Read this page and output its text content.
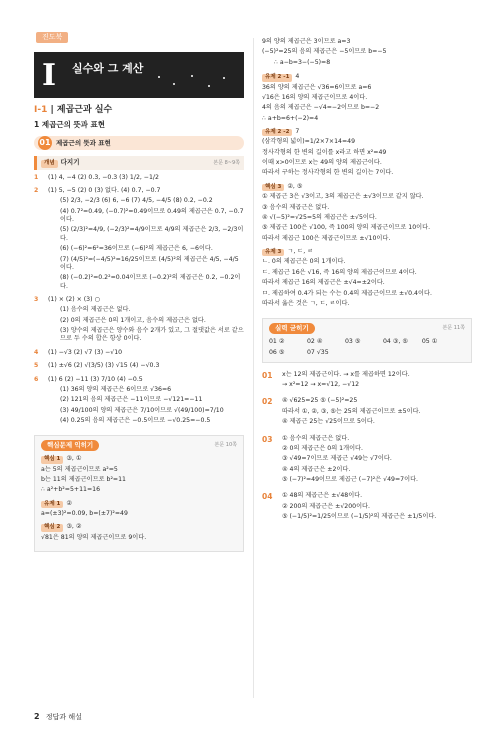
진도북
I 실수와 그 계산
I-1 | 제곱근과 실수
1 제곱근의 뜻과 표현
01 제곱근의 뜻과 표현
개념 다지기	본문 8~9쪽
1	(1) 4, −4 (2) 0.3, −0.3 (3) 1/2, −1/2
2	(1) 5, −5 (2) 0 (3) 없다. (4) 0.7, −0.7
(5) 2/3, −2/3 (6) 6, −6 (7) 4/5, −4/5 (8) 0.2, −0.2
(4) 0.7²=0.49, (−0.7)²=0.49이므로 0.49의 제곱근은 0.7, −0.7이다.
(5) (2/3)²=4/9, (−2/3)²=4/9이므로 4/9의 제곱근은 2/3, −2/3이다.
(6) (−6)²=6²=36이므로 (−6)²의 제곱근은 6, −6이다.
(7) (4/5)²=(−4/5)²=16/25이므로 (4/5)²의 제곱근은 4/5, −4/5이다.
(8) (−0.2)²=0.2²=0.04이므로 (−0.2)²의 제곱근은 0.2, −0.2이다.
3	(1) × (2) × (3) ○
(1) 음수의 제곱근은 없다.
(2) 0의 제곱근은 0의 1개이고, 음수의 제곱근은 없다.
(3) 양수의 제곱근은 양수와 음수 2개가 있고, 그 절댓값은 서로 같으므로 두 수의 합은 항상 0이다.
4	(1) −√3 (2) √7 (3) −√10
5	(1) ±√6 (2) √(3/5) (3) √15 (4) −√0.3
6	(1) 6 (2) −11 (3) 7/10 (4) −0.5
(1) 36의 양의 제곱근은 6이므로 √36=6
(2) 121의 음의 제곱근은 −11이므로 −√121=−11
(3) 49/100의 양의 제곱근은 7/10이므로 √(49/100)=7/10
(4) 0.25의 음의 제곱근은 −0.5이므로 −√0.25=−0.5
핵심문제 익히기	본문 10쪽
핵심 1 ③, ①
a는 5의 제곱근이므로 a²=5
b는 11의 제곱근이므로 b²=11
∴ a²+b²=5+11=16
유제 1 ②
a=(±3)²=0.09, b=(±7)²=49
핵심 2 ③, ②
√81은 81의 양의 제곱근이므로 9이다.
9의 양의 제곱근은 3이므로 a=3
(−5)²=25의 음의 제곱근은 −5이므로 b=−5
∴ a−b=3−(−5)=8
유제 2 -1 4
36의 양의 제곱근은 √36=6이므로 a=6
√16은 16의 양의 제곱근이므로 4이다.
4의 음의 제곱근은 −√4=−2이므로 b=−2
∴ a+b=6+(−2)=4
유제 2 -2 7
(삼각형의 넓이)=1/2×7×14=49
정사각형의 한 변의 길이를 x라고 하면 x²=49
이때 x>0이므로 x는 49의 양의 제곱근이다.
따라서 구하는 정사각형의 한 변의 길이는 7이다.
핵심 3 ②, ⑤
① 제곱근 3은 √3이고, 3의 제곱근은 ±√3이므로 같지 않다.
③ 음수의 제곱근은 없다.
④ √(−5)²=√25=5의 제곱근은 ±√5이다.
⑤ 제곱근 100은 √100, 즉 100의 양의 제곱근이므로 10이다.
따라서 제곱근 100은 제곱근이므로 ±√10이다.
유제 3 ㄱ, ㄷ, ㄹ
ㄴ. 0의 제곱근은 0의 1개이다.
ㄷ. 제곱근 16은 √16, 즉 16의 양의 제곱근이므로 4이다.
따라서 제곱근 16의 제곱근은 ±√4=±2이다.
ㅁ. 제곱하여 0.4가 되는 수는 0.4의 제곱근이므로 ±√0.4이다.
따라서 옳은 것은 ㄱ, ㄷ, ㄹ이다.
실력 굳히기	본문 11쪽
01 ②	02 ④	03 ⑤	04 ③, ⑤ 05 ①
06 ⑤	07 √35
01	x는 12의 제곱근이다. → x를 제곱하면 12이다.
→ x²=12 → x=√12, −√12
02	④ √625=25 ⑤ (−5)²=25
따라서 ①, ②, ③, ⑤는 25의 제곱근이므로 ±5이다.
④ 제곱근 25는 √25이므로 5이다.
03	① 음수의 제곱근은 없다.
② 0의 제곱근은 0의 1개이다.
③ √49=7이므로 제곱근 √49는 √7이다.
④ 4의 제곱근은 ±2이다.
⑤ (−7)²=49이므로 제곱근 (−7)²은 √49=7이다.
04	① 48의 제곱근은 ±√48이다.
② 200의 제곱근은 ±√200이다.
⑤ (−1/5)²=1/25이므로 (−1/5)²의 제곱근은 ±1/5이다.
2 정답과 해설
